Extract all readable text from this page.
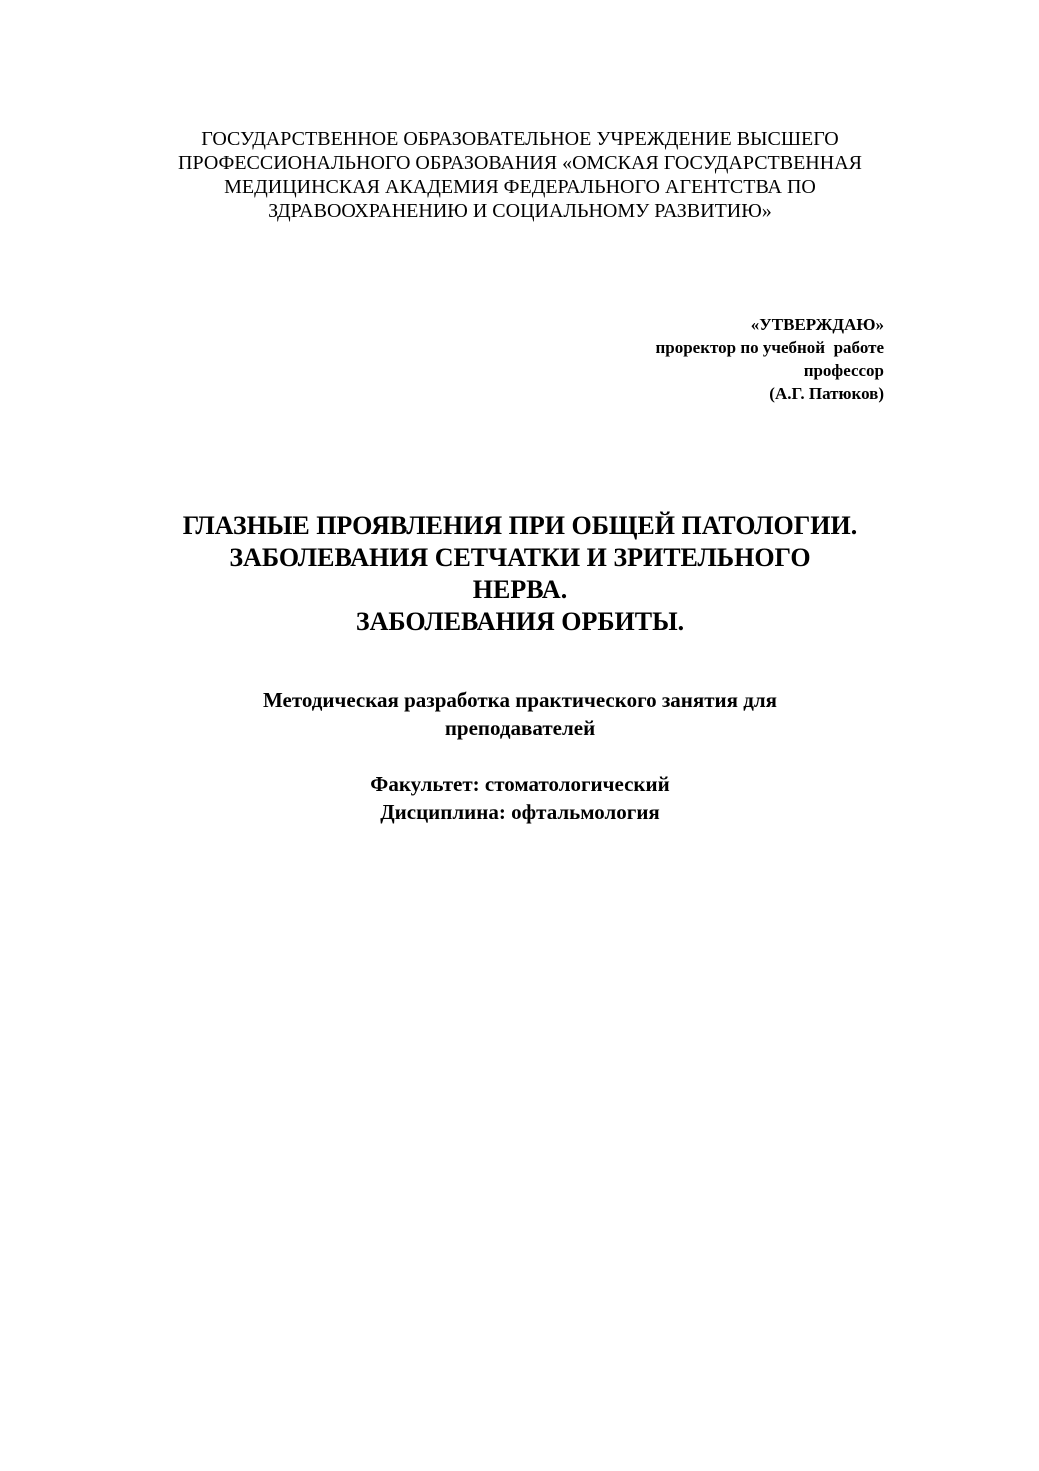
ГОСУДАРСТВЕННОЕ ОБРАЗОВАТЕЛЬНОЕ УЧРЕЖДЕНИЕ ВЫСШЕГО
ПРОФЕССИОНАЛЬНОГО ОБРАЗОВАНИЯ «ОМСКАЯ ГОСУДАРСТВЕННАЯ
МЕДИЦИНСКАЯ АКАДЕМИЯ ФЕДЕРАЛЬНОГО АГЕНТСТВА ПО
ЗДРАВООХРАНЕНИЮ И СОЦИАЛЬНОМУ РАЗВИТИЮ»
«УТВЕРЖДАЮ»
проректор по учебной  работе
профессор
(А.Г. Патюков)
ГЛАЗНЫЕ ПРОЯВЛЕНИЯ ПРИ ОБЩЕЙ ПАТОЛОГИИ.
ЗАБОЛЕВАНИЯ СЕТЧАТКИ И ЗРИТЕЛЬНОГО
НЕРВА.
ЗАБОЛЕВАНИЯ ОРБИТЫ.
Методическая разработка практического занятия для
преподавателей
Факультет: стоматологический
Дисциплина: офтальмология
